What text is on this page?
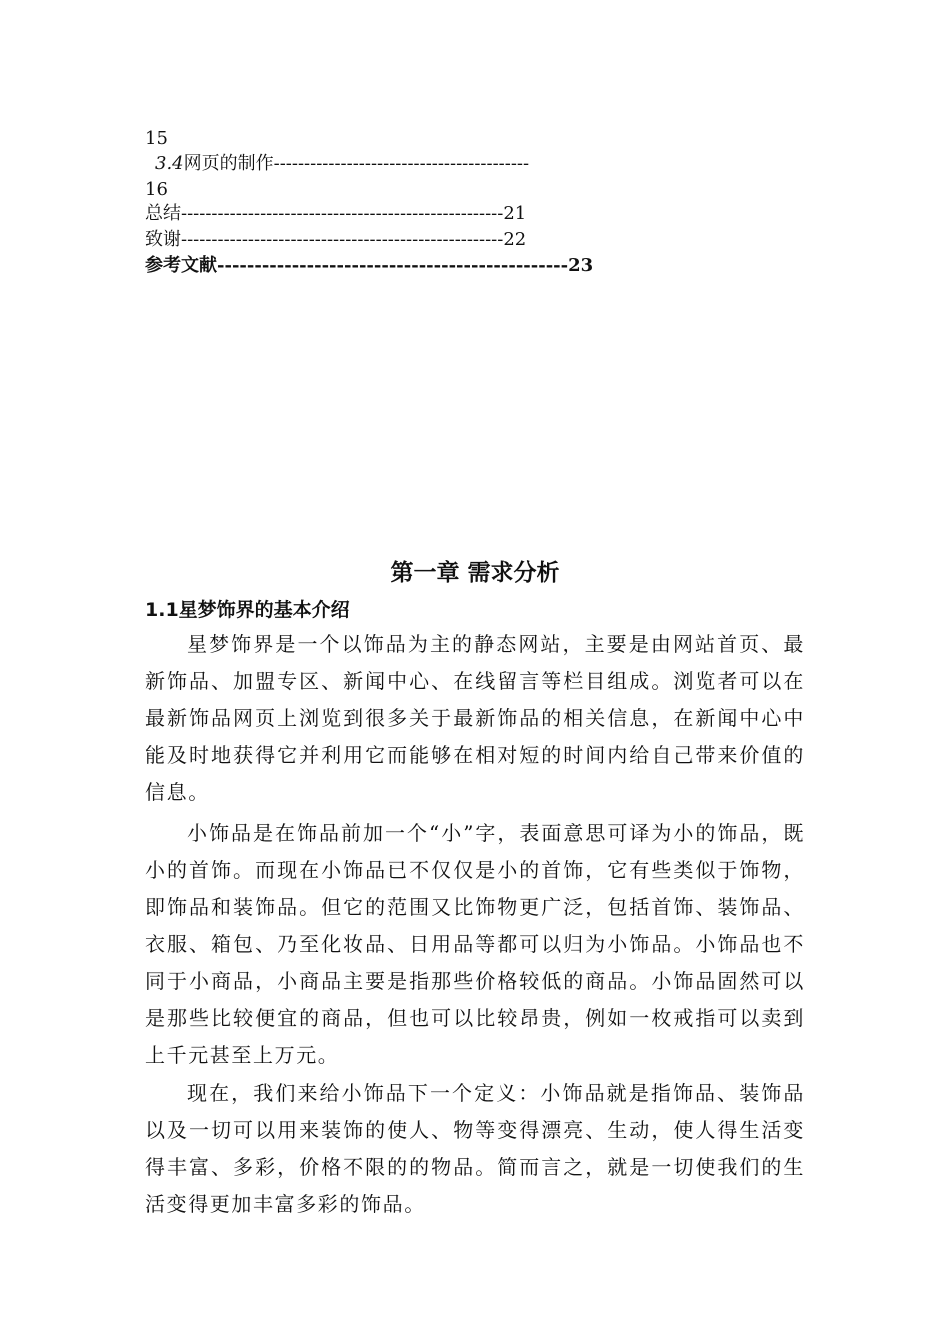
15
3.4网页的制作------------------------------------------
16
总结-----------------------------------------------------21
致谢-----------------------------------------------------22
参考文献-----------------------------------------------23
第一章 需求分析
1.1星梦饰界的基本介绍
星梦饰界是一个以饰品为主的静态网站，主要是由网站首页、最新饰品、加盟专区、新闻中心、在线留言等栏目组成。浏览者可以在最新饰品网页上浏览到很多关于最新饰品的相关信息，在新闻中心中能及时地获得它并利用它而能够在相对短的时间内给自己带来价值的信息。
小饰品是在饰品前加一个“小”字，表面意思可译为小的饰品，既小的首饰。而现在小饰品已不仅仅是小的首饰，它有些类似于饰物，即饰品和装饰品。但它的范围又比饰物更广泛，包括首饰、装饰品、衣服、箱包、乃至化妆品、日用品等都可以归为小饰品。小饰品也不同于小商品，小商品主要是指那些价格较低的商品。小饰品固然可以是那些比较便宜的商品，但也可以比较昂贵，例如一枚戒指可以卖到上千元甚至上万元。
现在，我们来给小饰品下一个定义：小饰品就是指饰品、装饰品以及一切可以用来装饰的使人、物等变得漂亮、生动，使人得生活变得丰富、多彩，价格不限的的物品。简而言之，就是一切使我们的生活变得更加丰富多彩的饰品。
